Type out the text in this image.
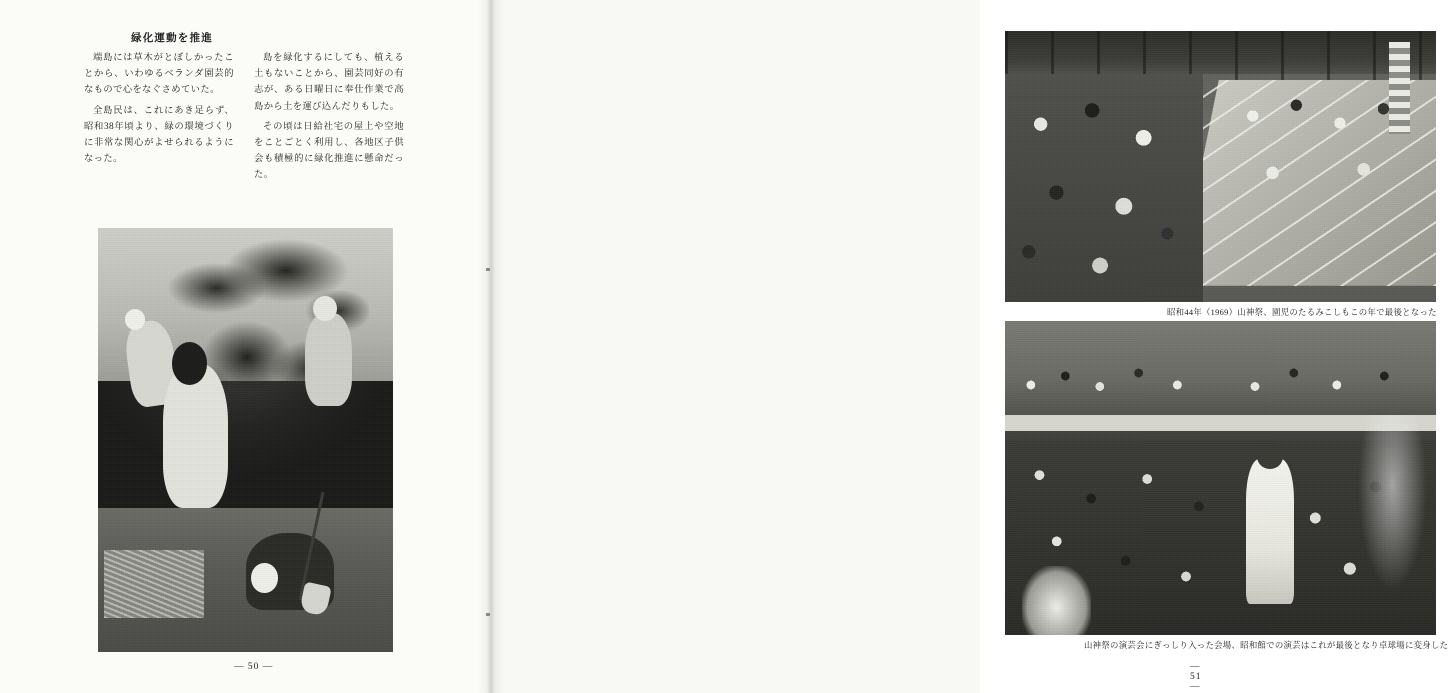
緑化運動を推進

端島には草木がとぼしかったことから、いわゆるベランダ園芸的なもので心をなぐさめていた。

全島民は、これにあき足らず、昭和38年頃より、緑の環境づくりに非常な関心がよせられるようになった。

島を緑化するにしても、植える土もないことから、園芸同好の有志が、ある日曜日に奉仕作業で高島から土を運び込んだりもした。

その頃は日給社宅の屋上や空地をことごとく利用し、各地区子供会も積極的に緑化推進に懸命だった。

— 50 —
昭和44年（1969）山神祭、園児のたるみこしもこの年で最後となった
山神祭の演芸会にぎっしり入った会場、昭和館での演芸はこれが最後となり卓球場に変身した
— 51 —
